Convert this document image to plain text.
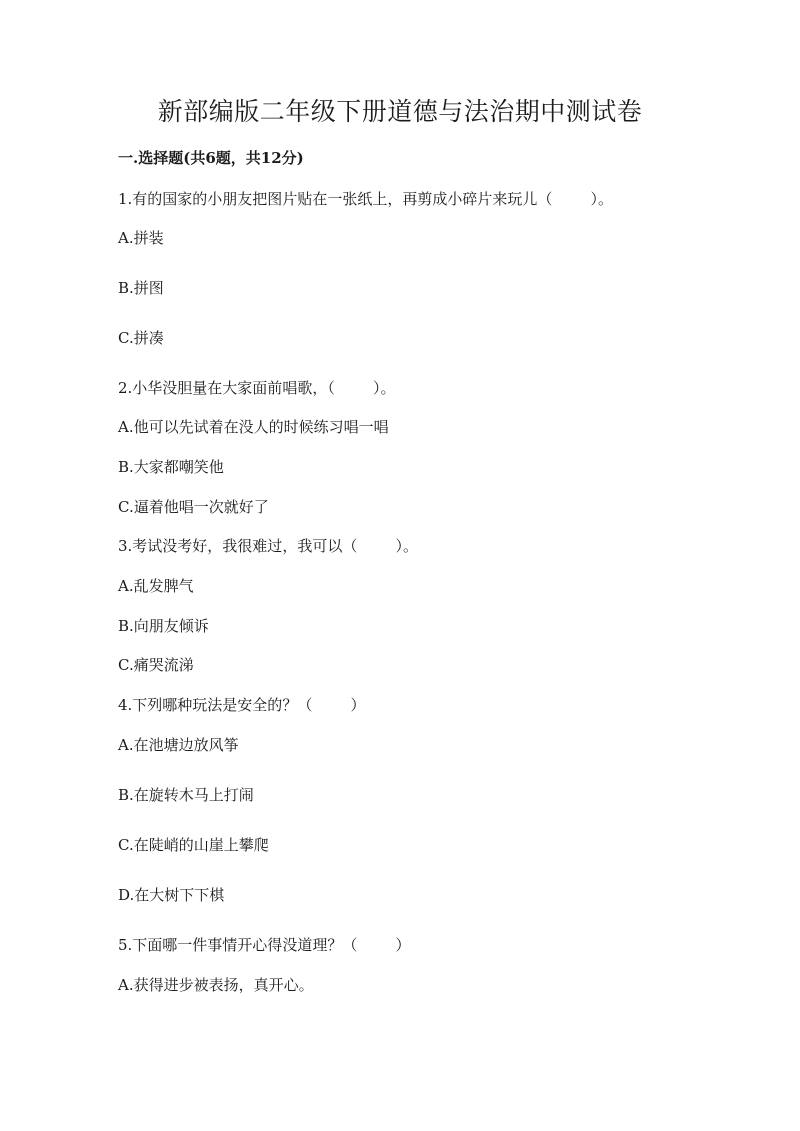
新部编版二年级下册道德与法治期中测试卷
一.选择题(共6题，共12分)
1.有的国家的小朋友把图片贴在一张纸上，再剪成小碎片来玩儿（        ）。
A.拼装
B.拼图
C.拼凑
2.小华没胆量在大家面前唱歌，（        ）。
A.他可以先试着在没人的时候练习唱一唱
B.大家都嘲笑他
C.逼着他唱一次就好了
3.考试没考好，我很难过，我可以（        ）。
A.乱发脾气
B.向朋友倾诉
C.痛哭流涕
4.下列哪种玩法是安全的？（        ）
A.在池塘边放风筝
B.在旋转木马上打闹
C.在陡峭的山崖上攀爬
D.在大树下下棋
5.下面哪一件事情开心得没道理？（        ）
A.获得进步被表扬，真开心。
